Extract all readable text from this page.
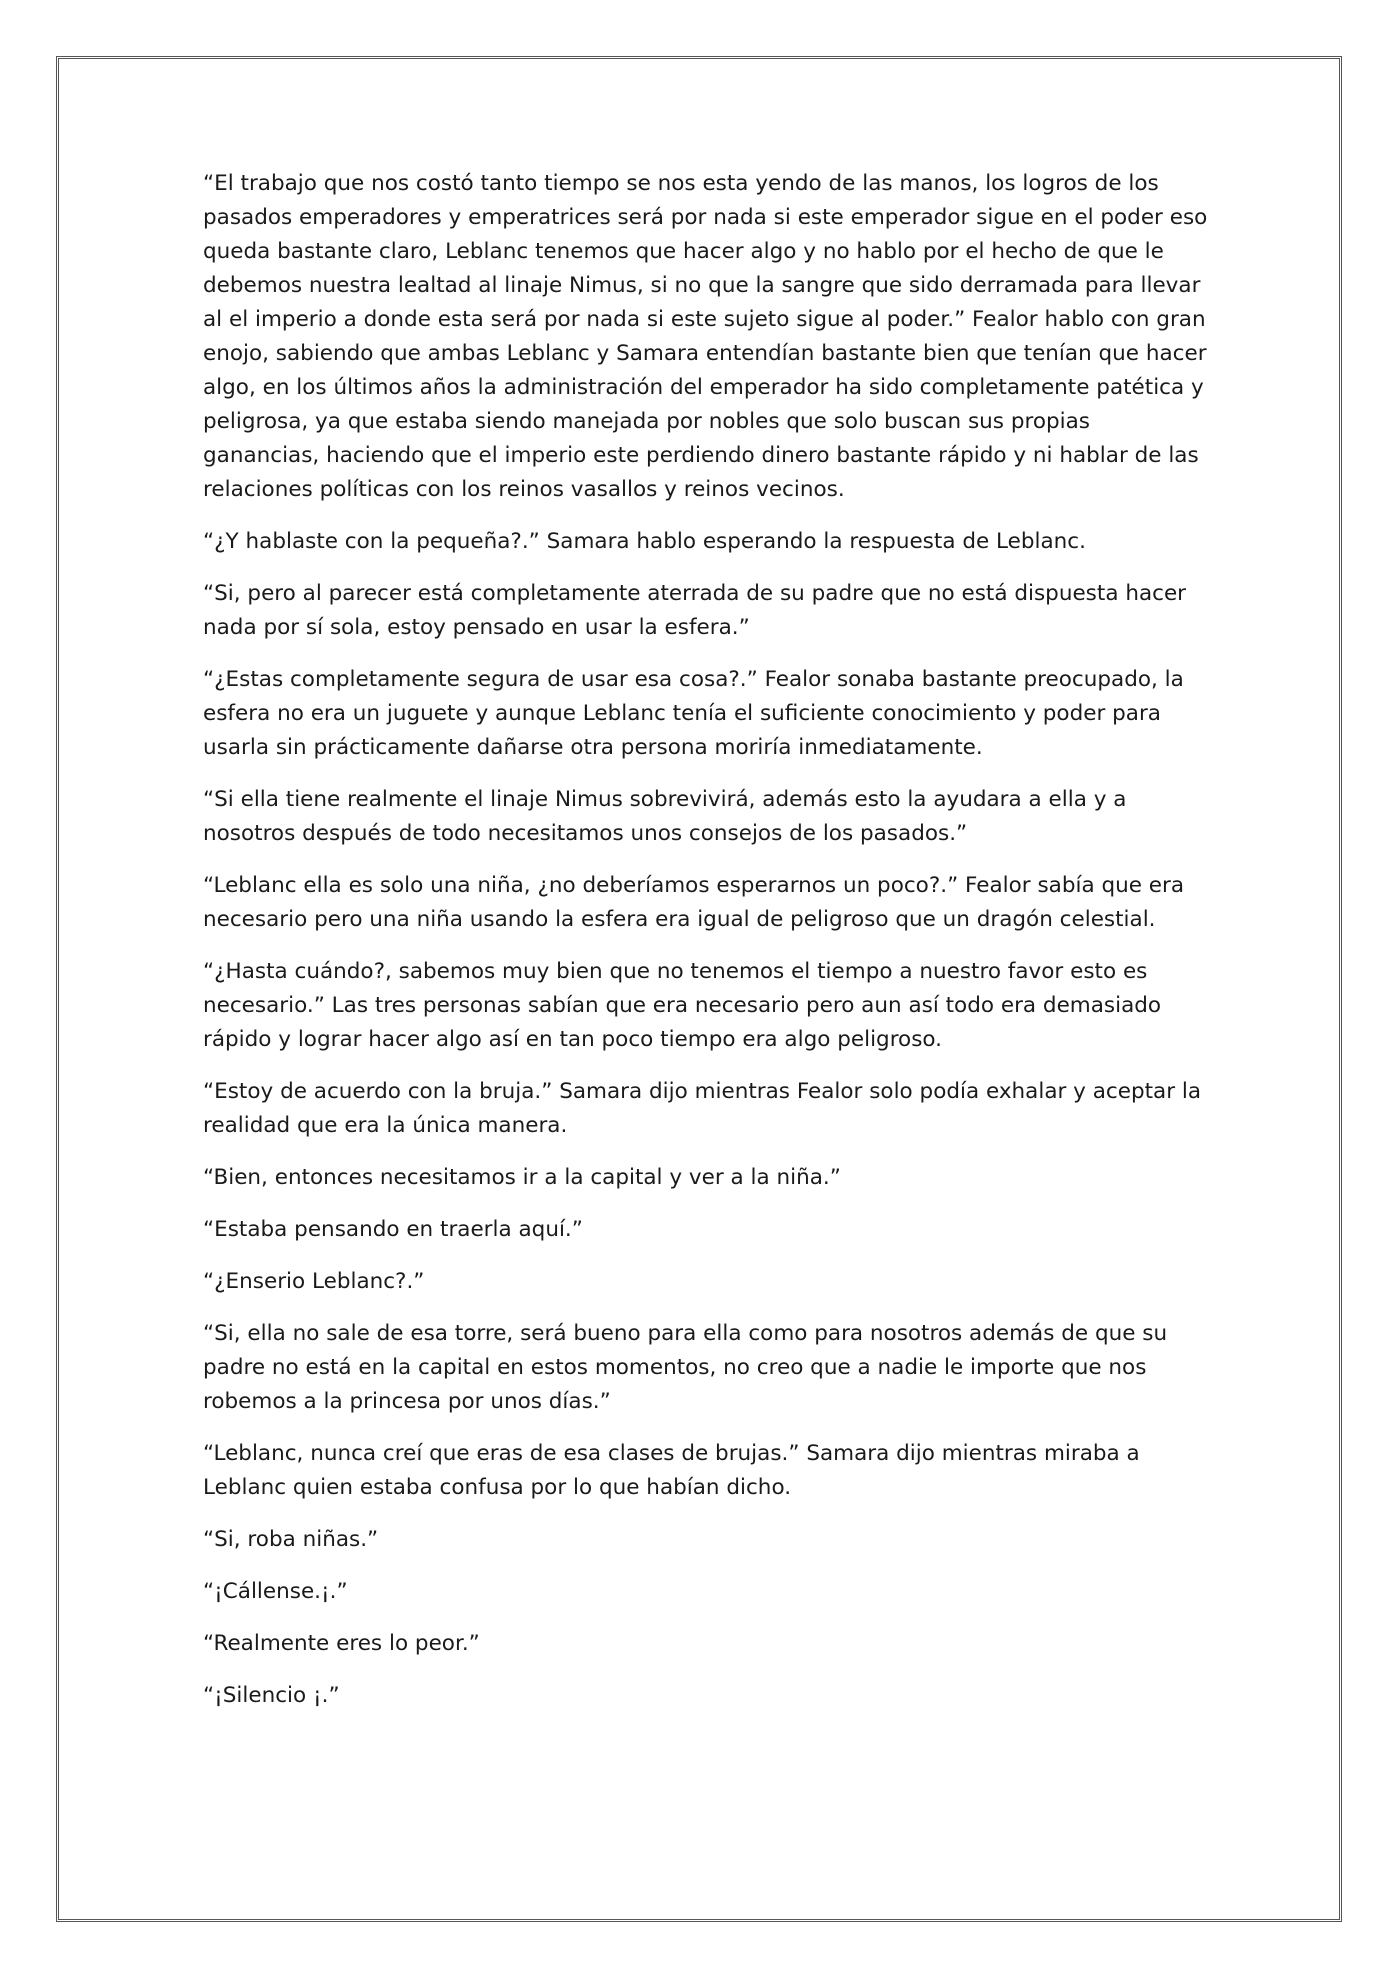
“El trabajo que nos costó tanto tiempo se nos esta yendo de las manos, los logros de los pasados emperadores y emperatrices será por nada si este emperador sigue en el poder eso queda bastante claro, Leblanc tenemos que hacer algo y no hablo por el hecho de que le debemos nuestra lealtad al linaje Nimus, si no que la sangre que sido derramada para llevar al el imperio a donde esta será por nada si este sujeto sigue al poder.” Fealor hablo con gran enojo, sabiendo que ambas Leblanc y Samara entendían bastante bien que tenían que hacer algo, en los últimos años la administración del emperador ha sido completamente patética y peligrosa, ya que estaba siendo manejada por nobles que solo buscan sus propias ganancias, haciendo que el imperio este perdiendo dinero bastante rápido y ni hablar de las relaciones políticas con los reinos vasallos y reinos vecinos.

“¿Y hablaste con la pequeña?.” Samara hablo esperando la respuesta de Leblanc.

“Si, pero al parecer está completamente aterrada de su padre que no está dispuesta hacer nada por sí sola, estoy pensado en usar la esfera.”

“¿Estas completamente segura de usar esa cosa?.” Fealor sonaba bastante preocupado, la esfera no era un juguete y aunque Leblanc tenía el suficiente conocimiento y poder para usarla sin prácticamente dañarse otra persona moriría inmediatamente.

“Si ella tiene realmente el linaje Nimus sobrevivirá, además esto la ayudara a ella y a nosotros después de todo necesitamos unos consejos de los pasados.”

“Leblanc ella es solo una niña, ¿no deberíamos esperarnos un poco?.” Fealor sabía que era necesario pero una niña usando la esfera era igual de peligroso que un dragón celestial.

“¿Hasta cuándo?, sabemos muy bien que no tenemos el tiempo a nuestro favor esto es necesario.” Las tres personas sabían que era necesario pero aun así todo era demasiado rápido y lograr hacer algo así en tan poco tiempo era algo peligroso.

“Estoy de acuerdo con la bruja.” Samara dijo mientras Fealor solo podía exhalar y aceptar la realidad que era la única manera.

“Bien, entonces necesitamos ir a la capital y ver a la niña.”

“Estaba pensando en traerla aquí.”

“¿Enserio Leblanc?.”

“Si, ella no sale de esa torre, será bueno para ella como para nosotros además de que su padre no está en la capital en estos momentos, no creo que a nadie le importe que nos robemos a la princesa por unos días.”

“Leblanc, nunca creí que eras de esa clases de brujas.” Samara dijo mientras miraba a Leblanc quien estaba confusa por lo que habían dicho.

“Si, roba niñas.”

“¡Cállense.¡.”

“Realmente eres lo peor.”

“¡Silencio ¡.”
